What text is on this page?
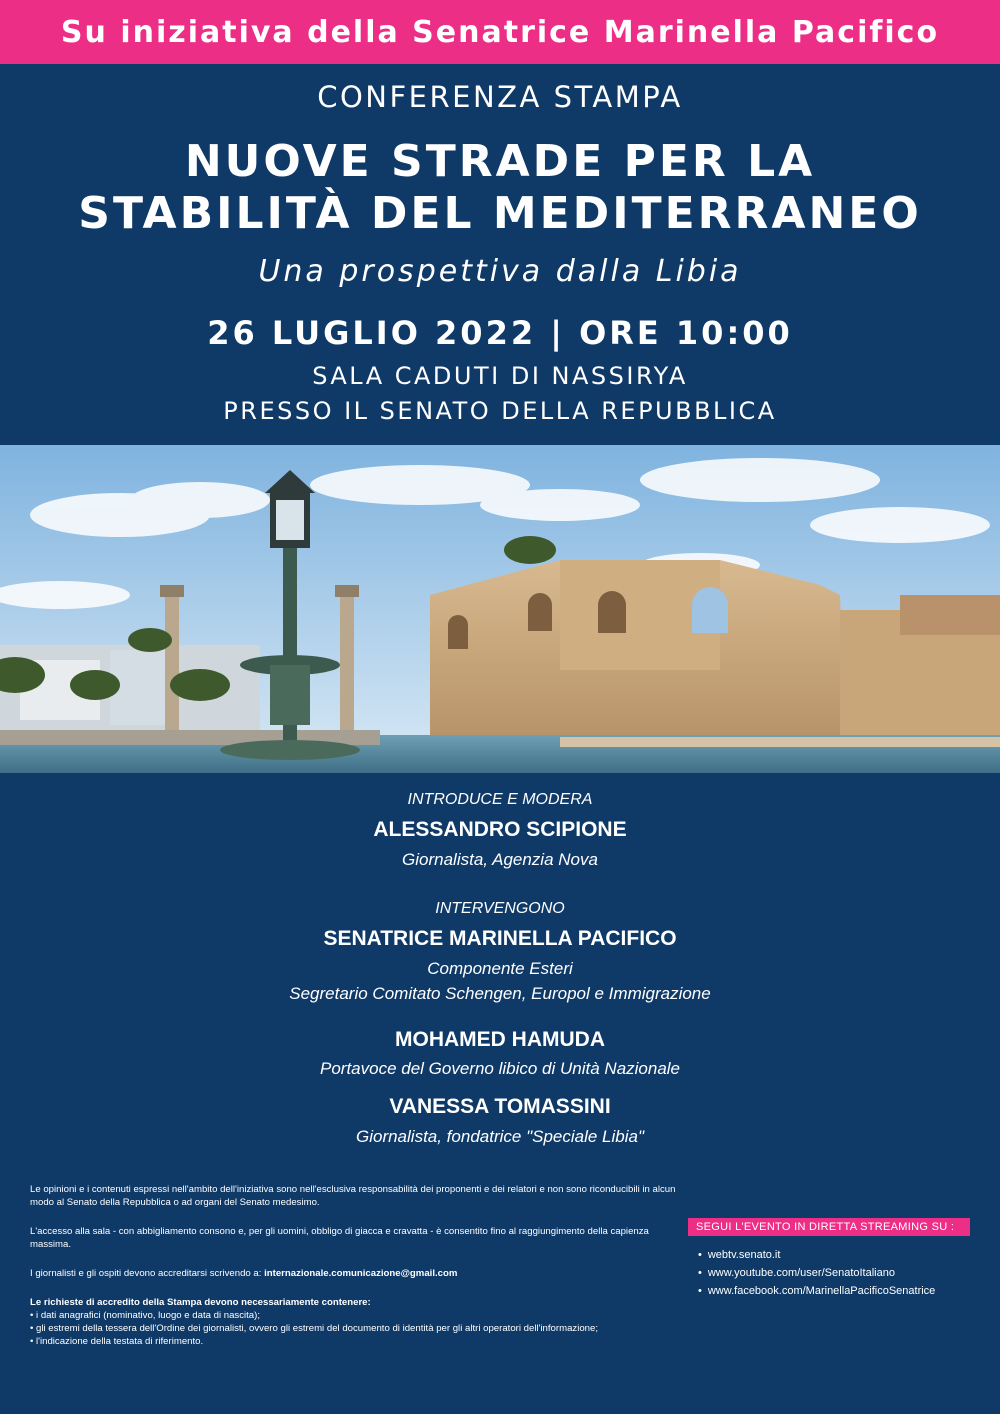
Su iniziativa della Senatrice Marinella Pacifico
CONFERENZA STAMPA
NUOVE STRADE PER LA
STABILITÀ DEL MEDITERRANEO
Una prospettiva dalla Libia
26 LUGLIO 2022 | ORE 10:00
SALA CADUTI DI NASSIRYA
PRESSO IL SENATO DELLA REPUBBLICA
INTRODUCE E MODERA
ALESSANDRO SCIPIONE
Giornalista, Agenzia Nova
INTERVENGONO
SENATRICE MARINELLA PACIFICO
Componente Esteri
Segretario Comitato Schengen, Europol e Immigrazione
MOHAMED HAMUDA
Portavoce del Governo libico di Unità Nazionale
VANESSA TOMASSINI
Giornalista, fondatrice "Speciale Libia"

Le opinioni e i contenuti espressi nell'ambito dell'iniziativa sono nell'esclusiva responsabilità dei proponenti e dei relatori e non sono riconducibili in alcun modo al Senato della Repubblica o ad organi del Senato medesimo.

L'accesso alla sala - con abbigliamento consono e, per gli uomini, obbligo di giacca e cravatta - è consentito fino al raggiungimento della capienza massima.

I giornalisti e gli ospiti devono accreditarsi scrivendo a: internazionale.comunicazione@gmail.com

Le richieste di accredito della Stampa devono necessariamente contenere:

• i dati anagrafici (nominativo, luogo e data di nascita);

• gli estremi della tessera dell'Ordine dei giornalisti, ovvero gli estremi del documento di identità per gli altri operatori dell'informazione;

• l'indicazione della testata di riferimento.

SEGUI L'EVENTO IN DIRETTA STREAMING SU :
• webtv.senato.it
• www.youtube.com/user/SenatoItaliano
• www.facebook.com/MarinellaPacificoSenatrice
